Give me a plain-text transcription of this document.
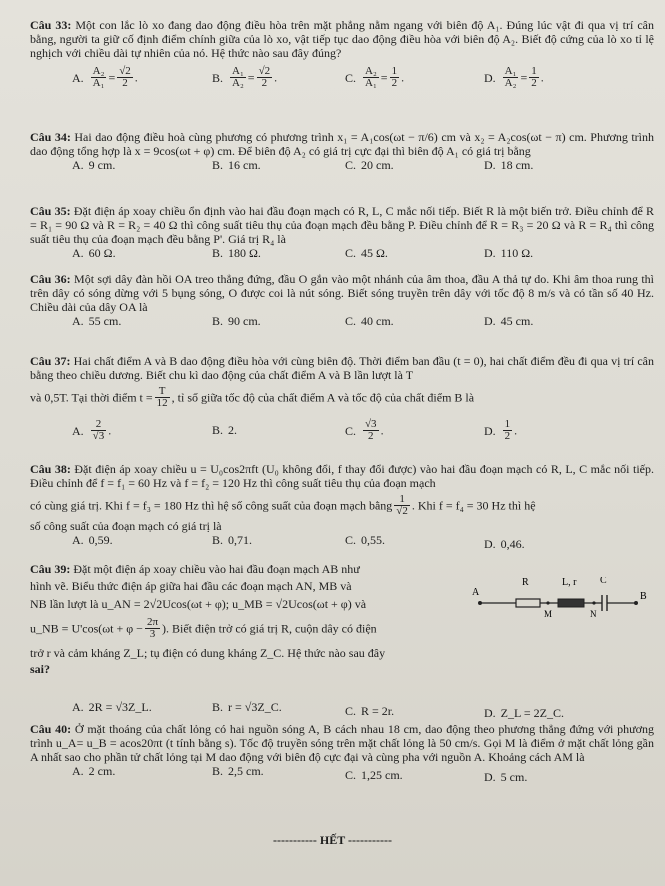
Câu 33: Một con lắc lò xo đang dao động điều hòa trên mặt phẳng nằm ngang với biên độ A₁. Đúng lúc vật đi qua vị trí cân bằng, người ta giữ cố định điểm chính giữa của lò xo, vật tiếp tục dao động điều hòa với biên độ A₂. Biết độ cứng của lò xo tỉ lệ nghịch với chiều dài tự nhiên của nó. Hệ thức nào sau đây đúng?

A. $\frac{\text{A₂}}{\text{A₁}} = \frac{√2}{2}$ .	B. $\frac{\text{A₁}}{\text{A₂}} = \frac{√2}{2}$ .	C. $\frac{\text{A₂}}{\text{A₁}} = \frac{1}{2}$ .	D. $\frac{\text{A₁}}{\text{A₂}} = \frac{1}{2}$ .

Câu 34: Hai dao động điều hoà cùng phương có phương trình x₁ = A₁cos(ωt − π/6) cm và x₂ = A₂cos(ωt − π) cm. Phương trình dao động tổng hợp là x = 9cos(ωt + φ) cm. Để biên độ A₂ có giá trị cực đại thì biên độ A₁ có giá trị bằng

A. 9 cm.	B. 16 cm.	C. 20 cm.	D. 18 cm.

Câu 35: Đặt điện áp xoay chiều ổn định vào hai đầu đoạn mạch có R, L, C mắc nối tiếp. Biết R là một biến trở. Điều chỉnh để R = R₁ = 90 Ω và R = R₂ = 40 Ω thì công suất tiêu thụ của đoạn mạch đều bằng P. Điều chỉnh để R = R₃ = 20 Ω và R = R₄ thì công suất tiêu thụ của đoạn mạch đều bằng P'. Giá trị R₄ là

A. 60 Ω.	B. 180 Ω.	C. 45 Ω.	D. 110 Ω.

Câu 36: Một sợi dây đàn hồi OA treo thẳng đứng, đầu O gắn vào một nhánh của âm thoa, đầu A thả tự do. Khi âm thoa rung thì trên dây có sóng dừng với 5 bụng sóng, O được coi là nút sóng. Biết sóng truyền trên dây với tốc độ 8 m/s và có tần số 40 Hz. Chiều dài của dây OA là

A. 55 cm.	B. 90 cm.	C. 40 cm.	D. 45 cm.

Câu 37: Hai chất điểm A và B dao động điều hòa với cùng biên độ. Thời điểm ban đầu (t = 0), hai chất điểm đều đi qua vị trí cân bằng theo chiều dương. Biết chu kì dao động của chất điểm A và B lần lượt là T

và 0,5T. Tại thời điểm $t = \frac{T}{12}$ , tỉ số giữa tốc độ của chất điểm A và tốc độ của chất điểm B là

A. $\frac{2}{√3}$ .	B. 2.	C. $\frac{√3}{2}$ .	D. $\frac{1}{2}$ .

Câu 38: Đặt điện áp xoay chiều u = U₀cos2πft (U₀ không đổi, f thay đổi được) vào hai đầu đoạn mạch có R, L, C mắc nối tiếp. Điều chỉnh để f = f₁ = 60 Hz và f = f₂ = 120 Hz thì công suất tiêu thụ của đoạn mạch

có cùng giá trị. Khi f = f₃ = 180 Hz thì hệ số công suất của đoạn mạch bằng $\frac{1}{√2}$ . Khi f = f₄ = 30 Hz thì hệ

số công suất của đoạn mạch có giá trị là

A. 0,59.	B. 0,71.	C. 0,55.	D. 0,46.

Câu 39: Đặt một điện áp xoay chiều vào hai đầu đoạn mạch AB như

hình vẽ. Biểu thức điện áp giữa hai đầu các đoạn mạch AN, MB và

NB lần lượt là u_AN = 2√2Ucos(ωt + φ); u_MB = √2Ucos(ωt + φ) và

u_NB = $U'\cos(\omega t + \varphi - \frac{2\pi}{3}$ ). Biết điện trở có giá trị R, cuộn dây có điện

trở r và cảm kháng Z_L; tụ điện có dung kháng Z_C. Hệ thức nào sau đây

sai?

A. 2R = √3Z_L.	B. r = √3Z_C.	C. R = 2r.	D. Z_L = 2Z_C.
A	B
R	L, r C
M	N

Câu 40: Ở mặt thoáng của chất lỏng có hai nguồn sóng A, B cách nhau 18 cm, dao động theo phương thẳng đứng với phương trình u_A= u_B = acos20πt (t tính bằng s). Tốc độ truyền sóng trên mặt chất lỏng là 50 cm/s. Gọi M là điểm ở mặt chất lỏng gần A nhất sao cho phần tử chất lỏng tại M dao động với biên độ cực đại và cùng pha với nguồn A. Khoảng cách AM là

A. 2 cm.	B. 2,5 cm.	C. 1,25 cm.	D. 5 cm.
----------- HẾT -----------
